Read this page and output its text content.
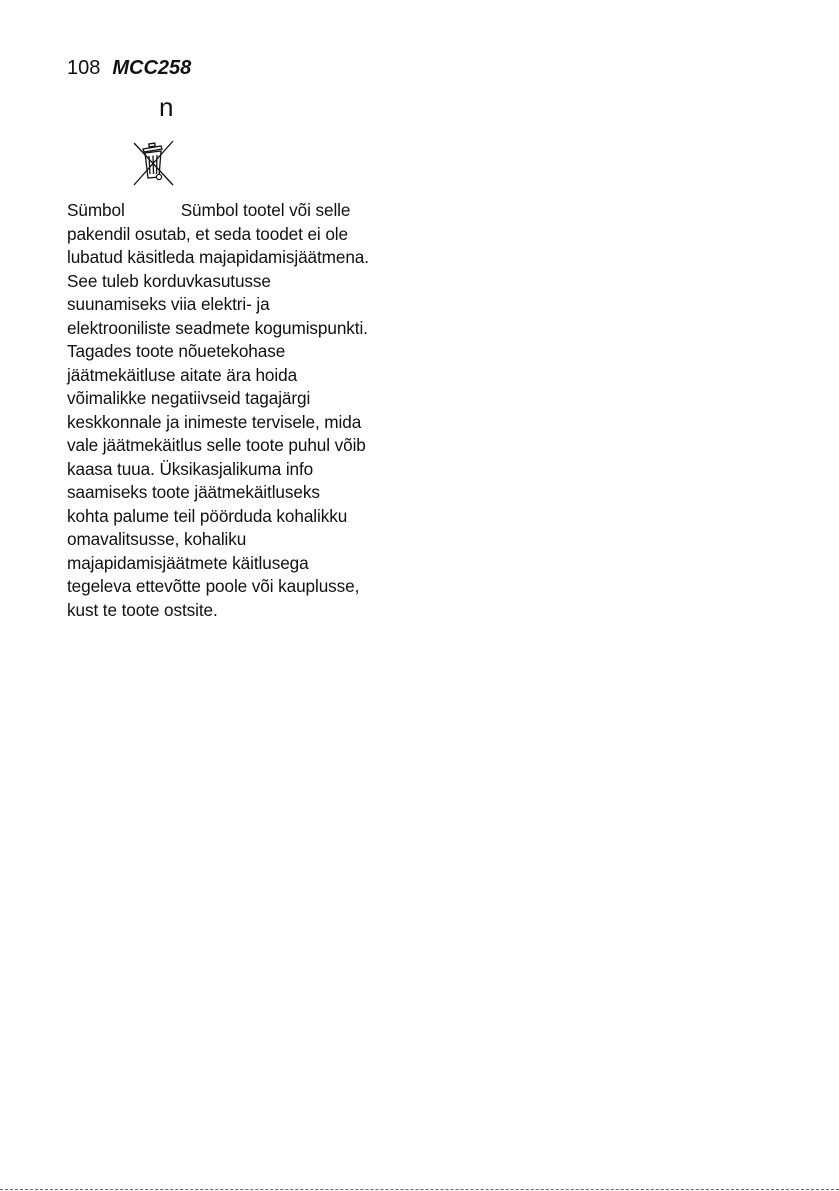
108 MCC258
n
Sümbol	Sümbol tootel või selle
pakendil osutab, et seda toodet ei ole
lubatud käsitleda majapidamisjäätmena.
See tuleb korduvkasutusse
suunamiseks viia elektri- ja
elektrooniliste seadmete kogumispunkti.
Tagades toote nõuetekohase
jäätmekäitluse aitate ära hoida
võimalikke negatiivseid tagajärgi
keskkonnale ja inimeste tervisele, mida
vale jäätmekäitlus selle toote puhul võib
kaasa tuua. Üksikasjalikuma info
saamiseks toote jäätmekäitluseks
kohta palume teil pöörduda kohalikku
omavalitsusse, kohaliku
majapidamisjäätmete käitlusega
tegeleva ettevõtte poole või kauplusse,
kust te toote ostsite.
